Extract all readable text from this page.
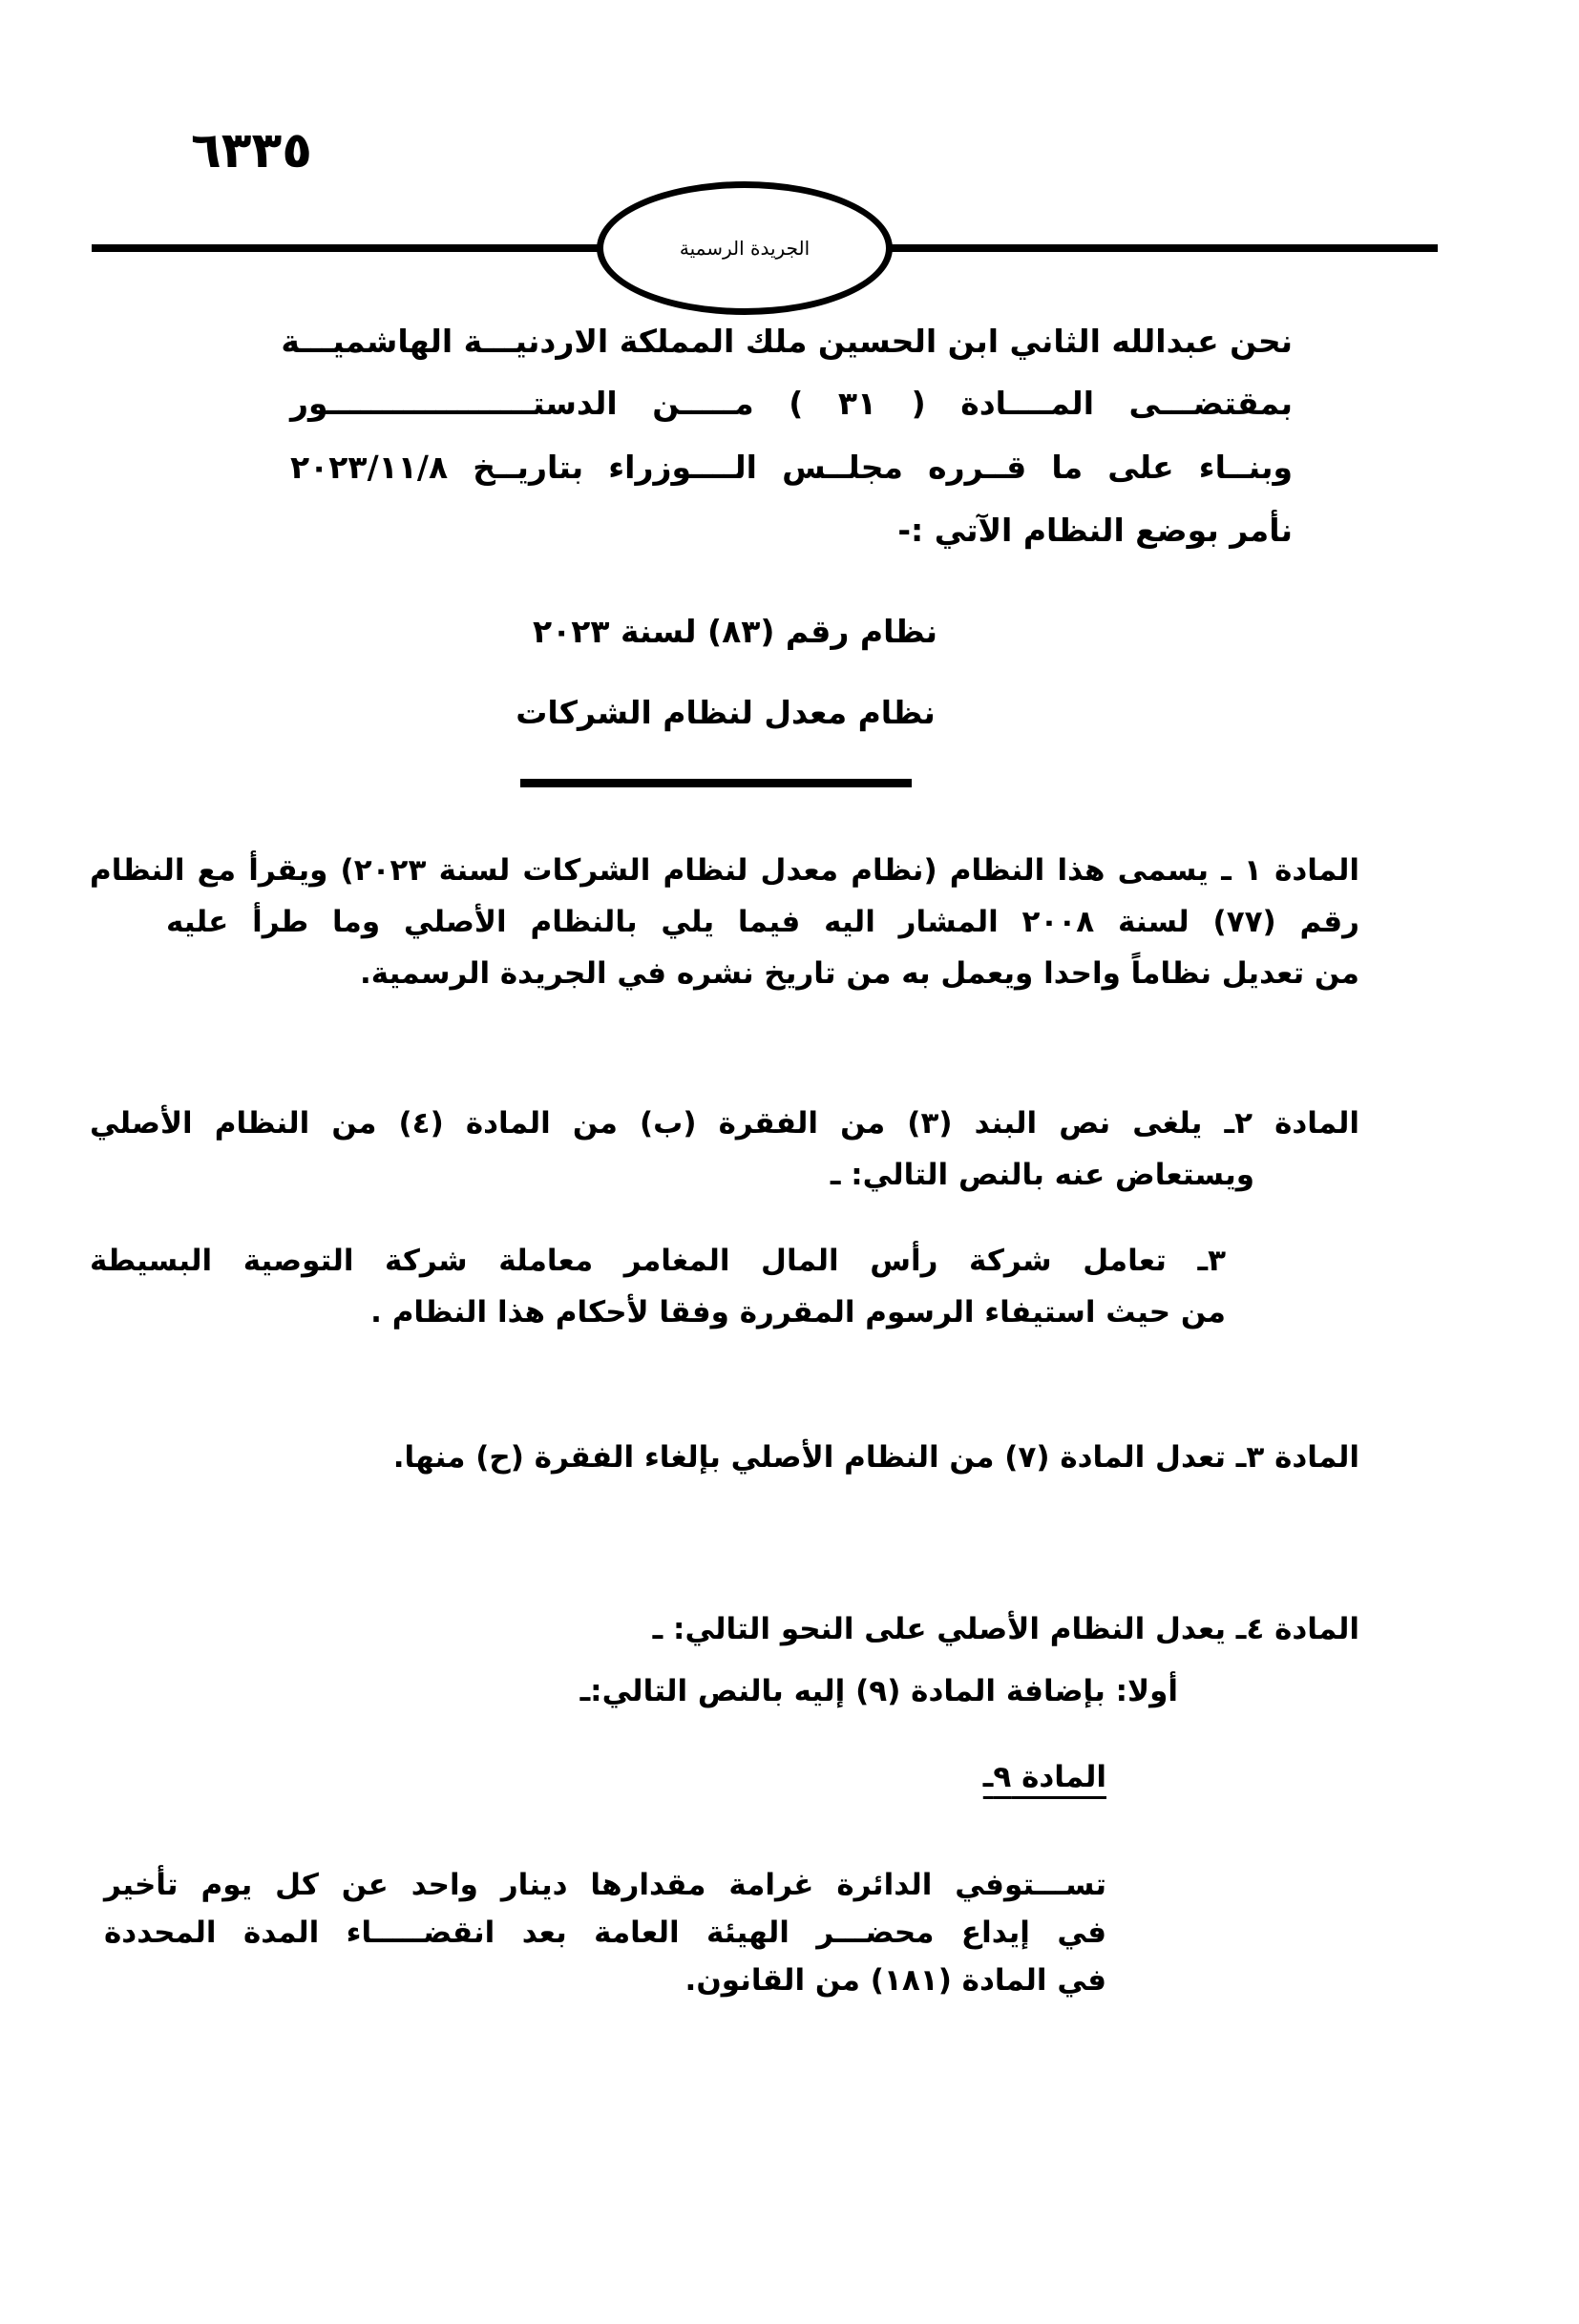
٦٣٣٥
الجريدة الرسمية
نحن عبدالله الثاني ابن الحسين ملك المملكة الاردنيـــة الهاشميـــة
بمقتضـــى المــــادة ( ٣١ ) مـــــن الدستـــــــــــــــــــور
وبنــاء على ما قــرره مجلــس الــــوزراء بتاريــخ ٢٠٢٣/١١/٨
نأمر بوضع النظام الآتي :-
نظام رقم (٨٣) لسنة ٢٠٢٣
نظام معدل لنظام الشركات

المادة ١ ـ يسمى هذا النظام (نظام معدل لنظام الشركات لسنة ٢٠٢٣) ويقرأ مع النظام

رقم (٧٧) لسنة ٢٠٠٨ المشار اليه فيما يلي بالنظام الأصلي وما طرأ عليه

من تعديل نظاماً واحدا ويعمل به من تاريخ نشره في الجريدة الرسمية.

المادة ٢ـ يلغى نص البند (٣) من الفقرة (ب) من المادة (٤) من النظام الأصلي

ويستعاض عنه بالنص التالي: ـ

٣ـ تعامل شركة رأس المال المغامر معاملة شركة التوصية البسيطة

من حيث استيفاء الرسوم المقررة وفقا لأحكام هذا النظام .

المادة ٣ـ تعدل المادة (٧) من النظام الأصلي بإلغاء الفقرة (ح) منها.

المادة ٤ـ يعدل النظام الأصلي على النحو التالي: ـ

أولا: بإضافة المادة (٩) إليه بالنص التالي:ـ

المادة ٩ـ

تســـتوفي الدائرة غرامة مقدارها دينار واحد عن كل يوم تأخير

في إيداع محضـــر الهيئة العامة بعد انقضـــــاء المدة المحددة

في المادة (١٨١) من القانون.
